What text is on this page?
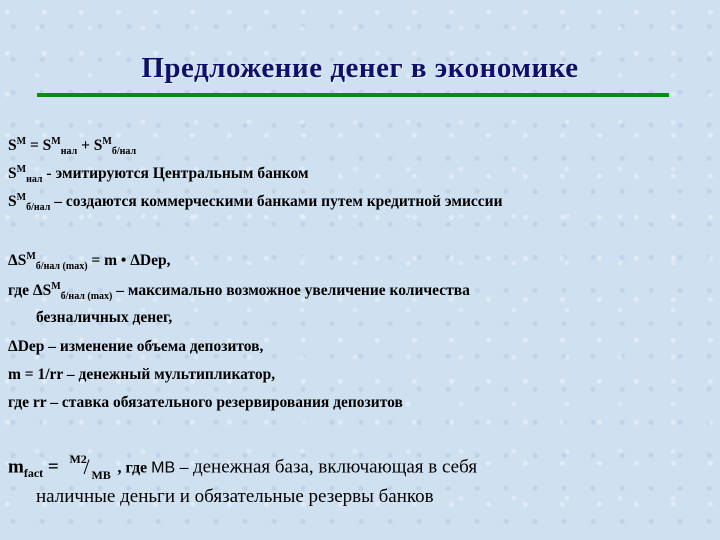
Предложение денег в экономике
$S^M = S^M_{нал} + S^M_{б/нал}$
$S^M_{нал}$ - эмитируются Центральным банком
$S^M_{б/нал}$ – создаются коммерческими банками путем кредитной эмиссии
$\Delta S^M_{б/нал (max)} = m$ • ΔDep,
где $\Delta S^M_{б/нал (max)}$ – максимально возможное увеличение количества
безналичных денег,
ΔDep – изменение объема депозитов,
m = 1/rr – денежный мультипликатор,
где rr – ставка обязательного резервирования депозитов
$m_{fact} = M2$
/ MB , где MB – денежная база, включающая в себя
наличные деньги и обязательные резервы банков
